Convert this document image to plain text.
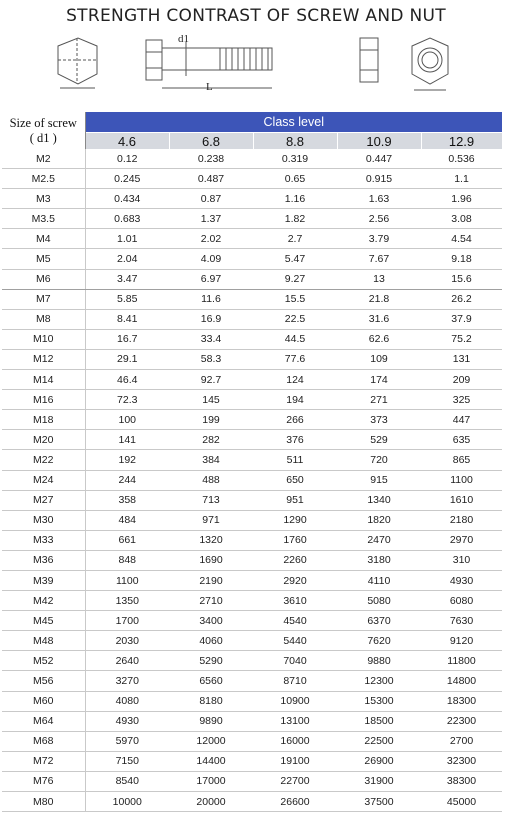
STRENGTH CONTRAST OF SCREW AND NUT
d1
L
Size of screw
( d1 )	Class level				
	4.6	6.8	8.8	10.9	12.9
M2	0.12	0.238	0.319	0.447	0.536
M2.5	0.245	0.487	0.65	0.915	1.1
M3	0.434	0.87	1.16	1.63	1.96
M3.5	0.683	1.37	1.82	2.56	3.08
M4	1.01	2.02	2.7	3.79	4.54
M5	2.04	4.09	5.47	7.67	9.18
M6	3.47	6.97	9.27	13	15.6
M7	5.85	11.6	15.5	21.8	26.2
M8	8.41	16.9	22.5	31.6	37.9
M10	16.7	33.4	44.5	62.6	75.2
M12	29.1	58.3	77.6	109	131
M14	46.4	92.7	124	174	209
M16	72.3	145	194	271	325
M18	100	199	266	373	447
M20	141	282	376	529	635
M22	192	384	511	720	865
M24	244	488	650	915	1100
M27	358	713	951	1340	1610
M30	484	971	1290	1820	2180
M33	661	1320	1760	2470	2970
M36	848	1690	2260	3180	310
M39	1100	2190	2920	4110	4930
M42	1350	2710	3610	5080	6080
M45	1700	3400	4540	6370	7630
M48	2030	4060	5440	7620	9120
M52	2640	5290	7040	9880	11800
M56	3270	6560	8710	12300	14800
M60	4080	8180	10900	15300	18300
M64	4930	9890	13100	18500	22300
M68	5970	12000	16000	22500	2700
M72	7150	14400	19100	26900	32300
M76	8540	17000	22700	31900	38300
M80	10000	20000	26600	37500	45000
